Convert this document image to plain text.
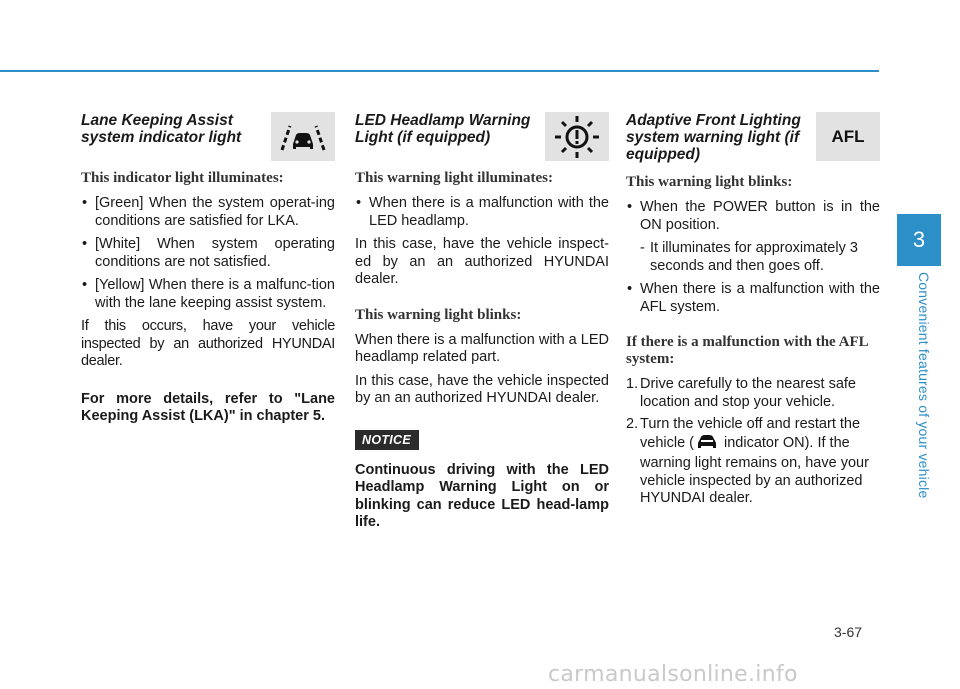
Lane Keeping Assist system indicator light
This indicator light illuminates:
• [Green] When the system operat-ing conditions are satisfied for LKA.
• [White] When system operating conditions are not satisfied.
• [Yellow] When there is a malfunc-tion with the lane keeping assist system.
If this occurs, have your vehicle inspected by an authorized HYUNDAI dealer.
For more details, refer to "Lane Keeping Assist (LKA)" in chapter 5.
LED Headlamp Warning Light (if equipped)
This warning light illuminates:
• When there is a malfunction with the LED headlamp.
In this case, have the vehicle inspect-ed by an an authorized HYUNDAI dealer.
This warning light blinks:
When there is a malfunction with a LED headlamp related part.
In this case, have the vehicle inspected by an an authorized HYUNDAI dealer.
NOTICE
Continuous driving with the LED Headlamp Warning Light on or blinking can reduce LED head-lamp life.
Adaptive Front Lighting system warning light (if equipped)
AFL
This warning light blinks:
• When the POWER button is in the ON position.
- It illuminates for approximately 3 seconds and then goes off.
• When there is a malfunction with the AFL system.
If there is a malfunction with the AFL system:
1. Drive carefully to the nearest safe location and stop your vehicle.
2. Turn the vehicle off and restart the vehicle ( indicator ON). If the warning light remains on, have your vehicle inspected by an authorized HYUNDAI dealer.
3
Convenient features of your vehicle
3-67
carmanualsonline.info
